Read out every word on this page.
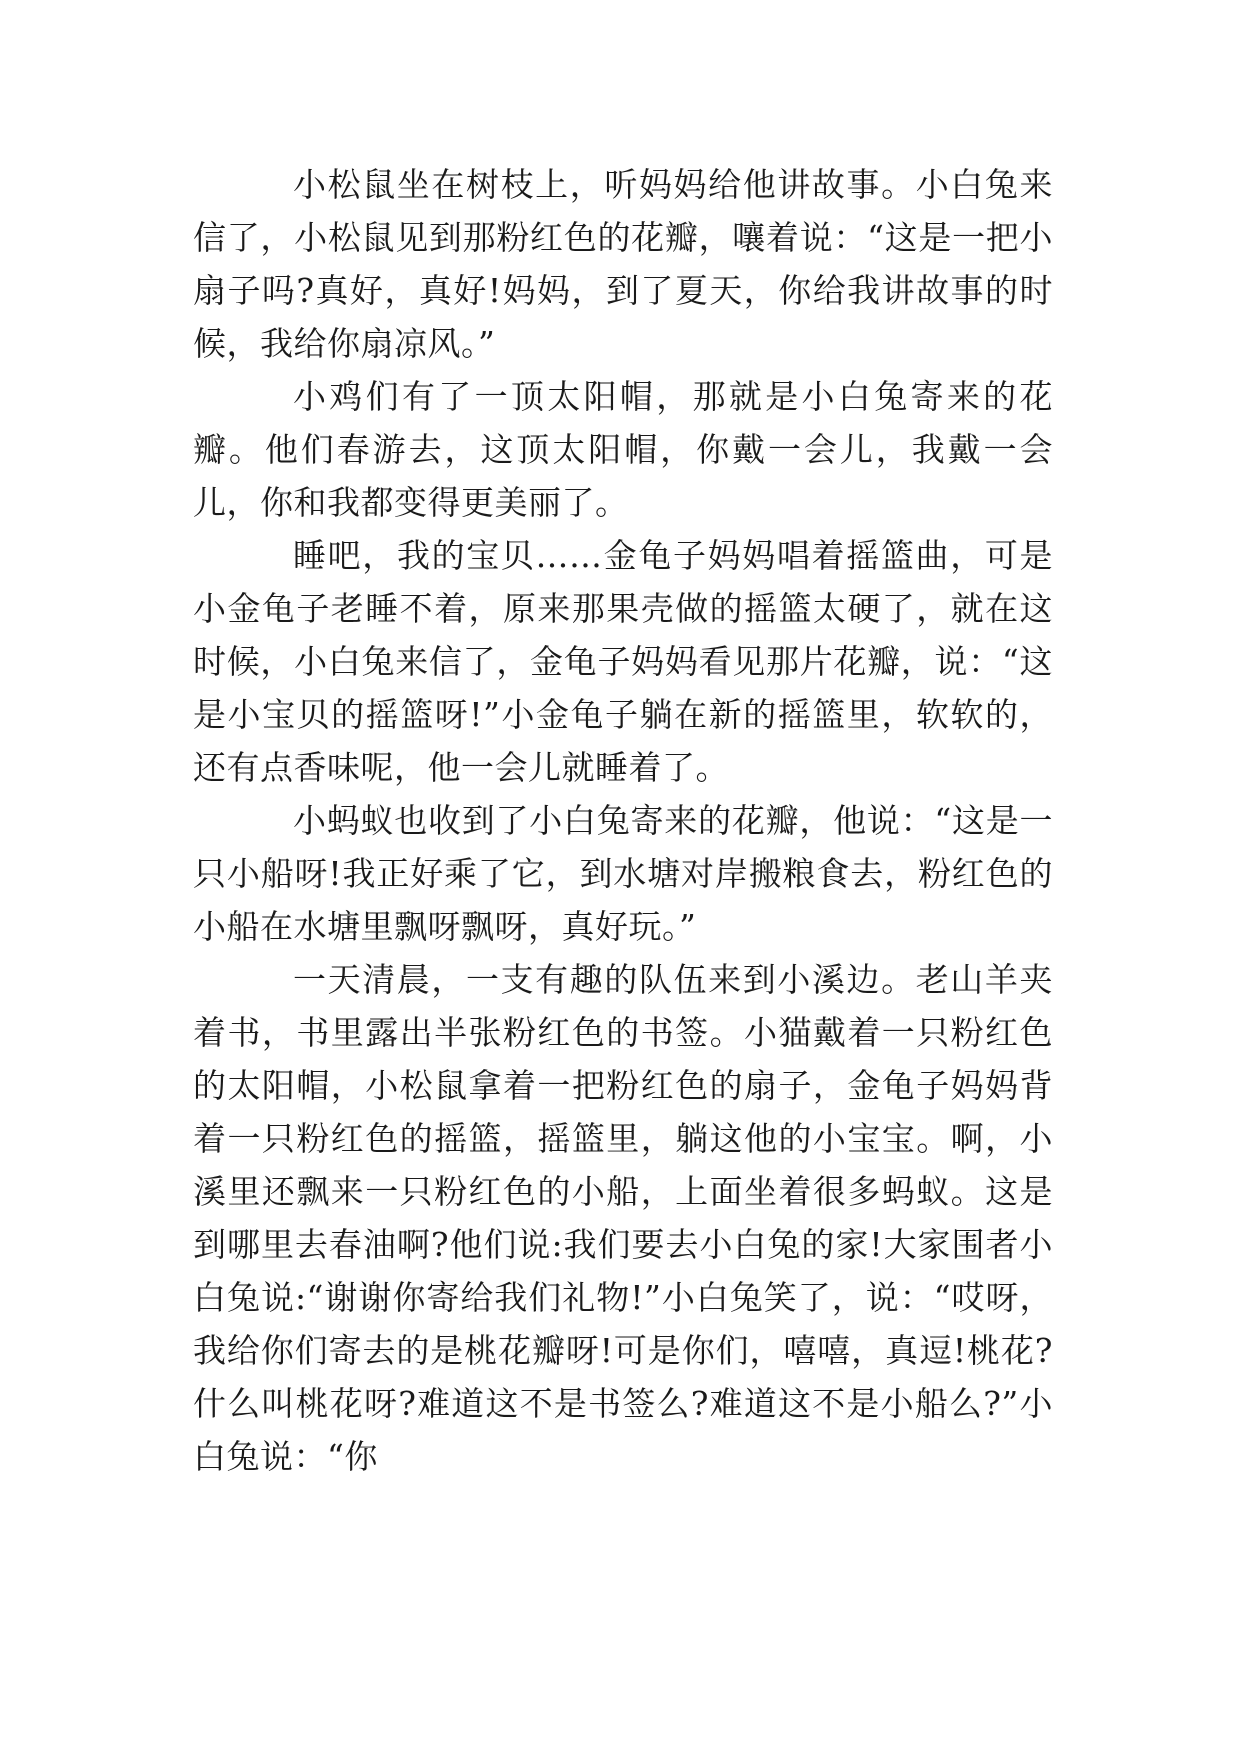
小松鼠坐在树枝上，听妈妈给他讲故事。小白兔来信了，小松鼠见到那粉红色的花瓣，嚷着说：“这是一把小扇子吗?真好，真好!妈妈，到了夏天，你给我讲故事的时候，我给你扇凉风。”

小鸡们有了一顶太阳帽，那就是小白兔寄来的花瓣。他们春游去，这顶太阳帽，你戴一会儿，我戴一会儿，你和我都变得更美丽了。

睡吧，我的宝贝……金龟子妈妈唱着摇篮曲，可是小金龟子老睡不着，原来那果壳做的摇篮太硬了，就在这时候，小白兔来信了，金龟子妈妈看见那片花瓣，说：“这是小宝贝的摇篮呀!”小金龟子躺在新的摇篮里，软软的，还有点香味呢，他一会儿就睡着了。

小蚂蚁也收到了小白兔寄来的花瓣，他说：“这是一只小船呀!我正好乘了它，到水塘对岸搬粮食去，粉红色的小船在水塘里飘呀飘呀，真好玩。”

一天清晨，一支有趣的队伍来到小溪边。老山羊夹着书，书里露出半张粉红色的书签。小猫戴着一只粉红色的太阳帽，小松鼠拿着一把粉红色的扇子，金龟子妈妈背着一只粉红色的摇篮，摇篮里，躺这他的小宝宝。啊，小溪里还飘来一只粉红色的小船，上面坐着很多蚂蚁。这是到哪里去春油啊?他们说:我们要去小白兔的家!大家围者小白兔说:“谢谢你寄给我们礼物!”小白兔笑了，说：“哎呀，我给你们寄去的是桃花瓣呀!可是你们，嘻嘻，真逗!桃花?什么叫桃花呀?难道这不是书签么?难道这不是小船么?”小白兔说：“你
